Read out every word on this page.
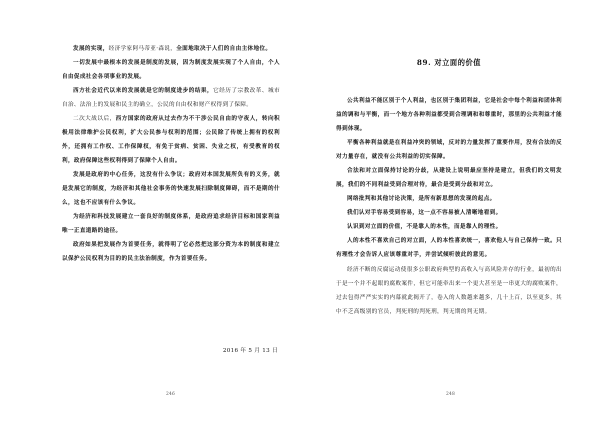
发展的实现，经济学家阿马蒂亚·森说，全面地取决于人们的自由主体地位。

一切发展中最根本的发展是制度的发展，因为制度发展实现了个人自由，个人自由促成社会各项事业的发展。

西方社会近代以来的发展就是它的制度进步的结果，它经历了宗教改革、城市自治、法治上的发展和民主的确立，公民的自由权和财产权得到了保障。

二次大战以后，西方国家的政府从过去作为不干涉公民自由的守夜人，转向积极用法律维护公民权利，扩大公民参与权利的范围；公民除了传统上拥有的权利外，还拥有工作权、工作保障权，有免于贫病、贫困、失业之权，有受教育的权利，政府保障这些权利得到了保障个人自由。

发展是政府的中心任务，这没有什么争议；政府对本国发展所负有的义务，就是发展它的制度，为经济和其他社会事务的快速发展扫除制度障碍，而不是期的什么，这也不应该有什么争议。

为经济和科技发展建立一套良好的制度体系，是政府追求经济目标和国家利益唯一正直道路的途径。

政府如果把发展作为首要任务，就得明了它必然把这部分资为本的制度和建立以保护公民权利为目的的民主法治制度，作为首要任务。

2016 年 5 月 13 日
246
89. 对立面的价值

公共利益不能区别于个人利益，也区别于集团利益，它是社会中每个利益和团体利益的调和与平衡，而一个地方各种利益都受到合理调和和尊重时，那里的公共利益才能得到体现。

平衡各种利益就是在利益冲突的领域，反对的力量发挥了重要作用，没有合法的反对力量存在，就没有公共利益的切实保障。

合法和对立面保持讨论的分歧，从建设上说明最应坚持是建立，但我们的文明发展，我们的不同利益受到合理对待，最合是受到分歧和对立。

网络批判和其他讨论决策，是所有新思想的发现的起点。

我们认对手容易受到容易，这一点不容易被人清晰地看到。

认识到对立面的价值，不是靠人的本性，而是靠人的理性。

人的本性不喜欢自己的对立面，人的本性喜欢统一，喜欢他人与自己保持一致。只有理性才会告诉人应该尊重对手，并尝试倾听彼此的意见。

经济不断的反腐运动使很多公职政府典型的高收入与高风险并存的行业，最初的出于是一个并不起眼的腐败案件，但它可能牵出来一个更大甚至是一串更大的腐败案件，过去包得严严实实的内幕就此揭开了，卷入的人数越来越多，几十上百，以至更多，其中不乏高级别的官员，判死刑的判死刑，判无期的判无期。

248
